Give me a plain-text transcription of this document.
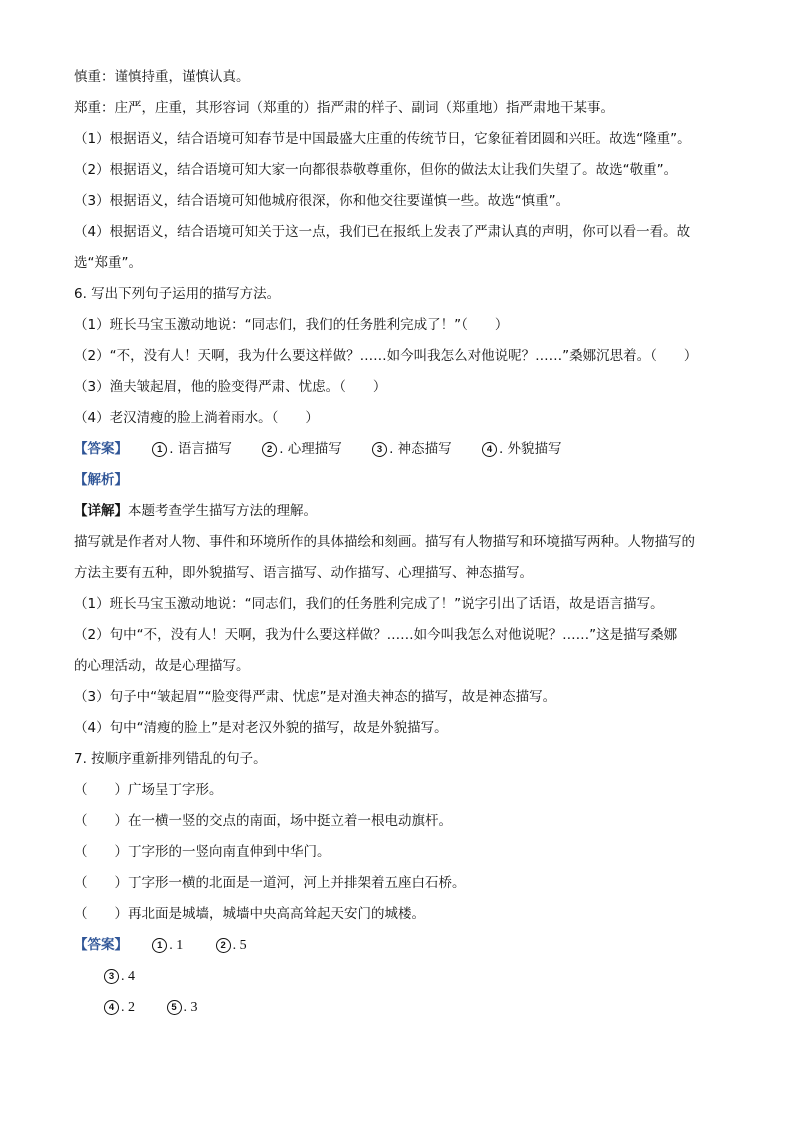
慎重：谨慎持重，谨慎认真。
郑重：庄严，庄重，其形容词（郑重的）指严肃的样子、副词（郑重地）指严肃地干某事。
（1）根据语义，结合语境可知春节是中国最盛大庄重的传统节日，它象征着团圆和兴旺。故选“隆重”。
（2）根据语义，结合语境可知大家一向都很恭敬尊重你，但你的做法太让我们失望了。故选“敬重”。
（3）根据语义，结合语境可知他城府很深，你和他交往要谨慎一些。故选“慎重”。
（4）根据语义，结合语境可知关于这一点，我们已在报纸上发表了严肃认真的声明，你可以看一看。故
选“郑重”。
6. 写出下列句子运用的描写方法。
（1）班长马宝玉激动地说：“同志们，我们的任务胜利完成了！”（　　）
（2）“不，没有人！天啊，我为什么要这样做？……如今叫我怎么对他说呢？……”桑娜沉思着。（　　）
（3）渔夫皱起眉，他的脸变得严肃、忧虑。（　　）
（4）老汉清瘦的脸上淌着雨水。（　　）
【答案】	1 . 语言描写	2 . 心理描写	3 . 神态描写	4 . 外貌描写
【解析】
【详解】本题考查学生描写方法的理解。
描写就是作者对人物、事件和环境所作的具体描绘和刻画。描写有人物描写和环境描写两种。人物描写的
方法主要有五种，即外貌描写、语言描写、动作描写、心理描写、神态描写。
（1）班长马宝玉激动地说：“同志们，我们的任务胜利完成了！”说字引出了话语，故是语言描写。
（2）句中“不，没有人！天啊，我为什么要这样做？……如今叫我怎么对他说呢？……”这是描写桑娜
的心理活动，故是心理描写。
（3）句子中“皱起眉”“脸变得严肃、忧虑”是对渔夫神态的描写，故是神态描写。
（4）句中“清瘦的脸上”是对老汉外貌的描写，故是外貌描写。
7. 按顺序重新排列错乱的句子。
（　　）广场呈丁字形。
（　　）在一横一竖的交点的南面，场中挺立着一根电动旗杆。
（　　）丁字形的一竖向南直伸到中华门。
（　　）丁字形一横的北面是一道河，河上并排架着五座白石桥。
（　　）再北面是城墙，城墙中央高高耸起天安门的城楼。
【答案】	1 . 1	2 . 5
3 . 4
4 . 2	5 . 3
